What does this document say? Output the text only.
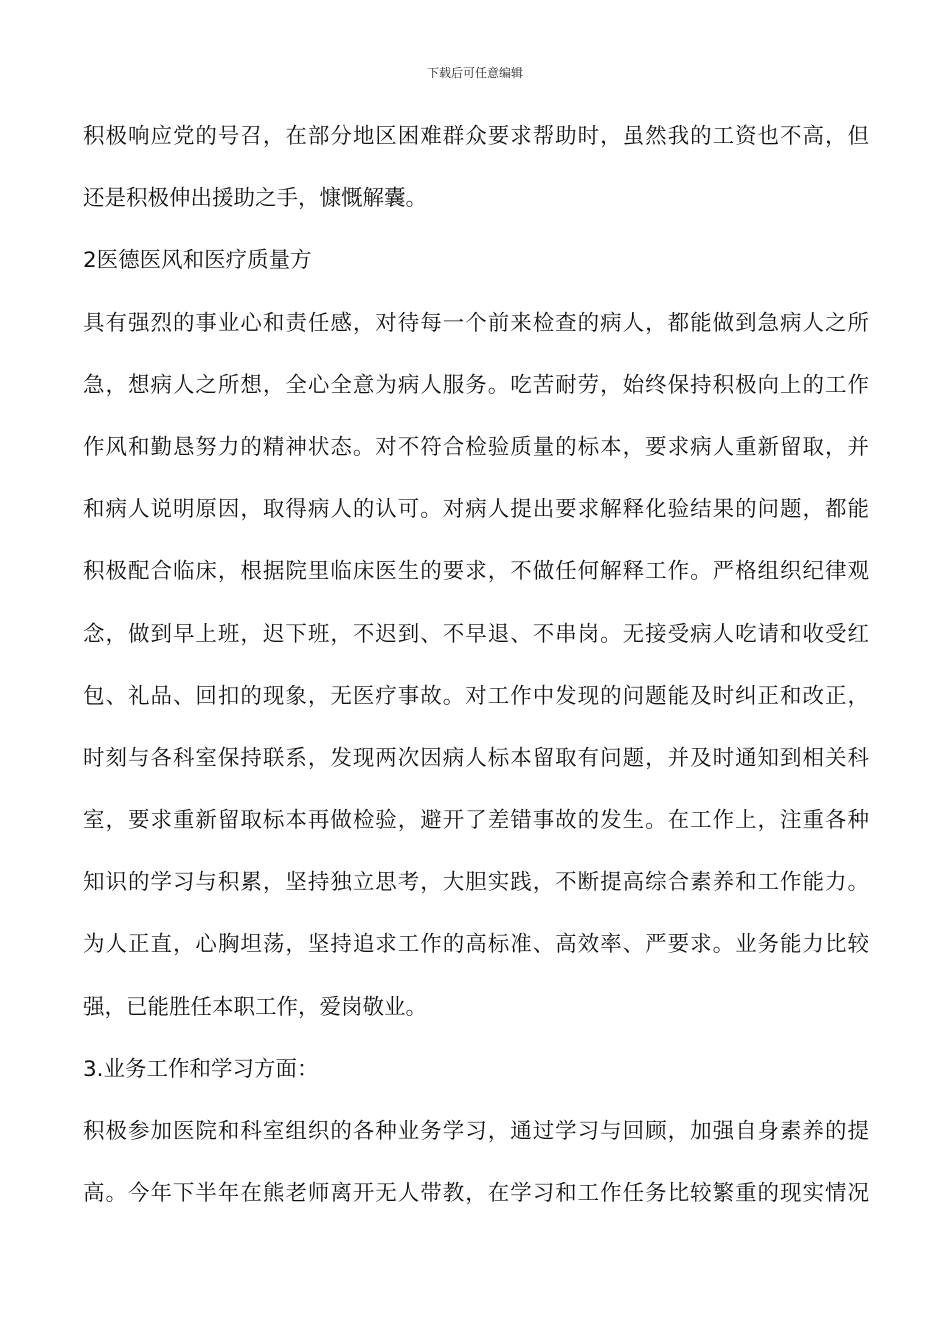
下载后可任意编辑
积极响应党的号召，在部分地区困难群众要求帮助时，虽然我的工资也不高，但
还是积极伸出援助之手，慷慨解囊。
2医德医风和医疗质量方
具有强烈的事业心和责任感，对待每一个前来检查的病人，都能做到急病人之所
急，想病人之所想，全心全意为病人服务。吃苦耐劳，始终保持积极向上的工作
作风和勤恳努力的精神状态。对不符合检验质量的标本，要求病人重新留取，并
和病人说明原因，取得病人的认可。对病人提出要求解释化验结果的问题，都能
积极配合临床，根据院里临床医生的要求，不做任何解释工作。严格组织纪律观
念，做到早上班，迟下班，不迟到、不早退、不串岗。无接受病人吃请和收受红
包、礼品、回扣的现象，无医疗事故。对工作中发现的问题能及时纠正和改正，
时刻与各科室保持联系，发现两次因病人标本留取有问题，并及时通知到相关科
室，要求重新留取标本再做检验，避开了差错事故的发生。在工作上，注重各种
知识的学习与积累，坚持独立思考，大胆实践，不断提高综合素养和工作能力。
为人正直，心胸坦荡，坚持追求工作的高标准、高效率、严要求。业务能力比较
强，已能胜任本职工作，爱岗敬业。
3.业务工作和学习方面：
积极参加医院和科室组织的各种业务学习，通过学习与回顾，加强自身素养的提
高。今年下半年在熊老师离开无人带教，在学习和工作任务比较繁重的现实情况
